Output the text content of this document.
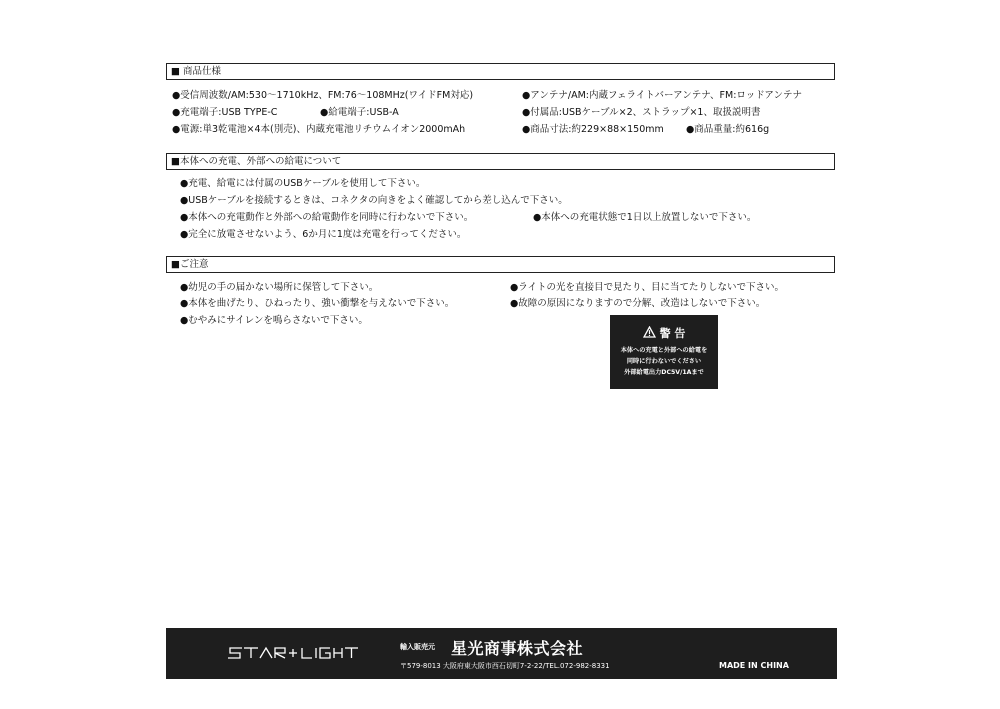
■ 商品仕様
●受信周波数/AM:530～1710kHz、FM:76～108MHz(ワイドFM対応)
●充電端子:USB TYPE-C	●給電端子:USB-A
●電源:単3乾電池×4本(別売)、内蔵充電池リチウムイオン2000mAh
●アンテナ/AM:内蔵フェライトバーアンテナ、FM:ロッドアンテナ
●付属品:USBケーブル×2、ストラップ×1、取扱説明書
●商品寸法:約229×88×150mm ●商品重量:約616g
■本体への充電、外部への給電について
●充電、給電には付属のUSBケーブルを使用して下さい。
●USBケーブルを接続するときは、コネクタの向きをよく確認してから差し込んで下さい。
●本体への充電動作と外部への給電動作を同時に行わないで下さい。	●本体への充電状態で1日以上放置しないで下さい。
●完全に放電させないよう、6か月に1度は充電を行ってください。
■ご注意
●幼児の手の届かない場所に保管して下さい。
●本体を曲げたり、ひねったり、強い衝撃を与えないで下さい。
●むやみにサイレンを鳴らさないで下さい。
●ライトの光を直接目で見たり、目に当てたりしないで下さい。
●故障の原因になりますので分解、改造はしないで下さい。
警 告
本体への充電と外部への給電を
同時に行わないでください
外部給電出力DC5V/1Aまで
輸入販売元 星光商事株式会社
〒579-8013 大阪府東大阪市西石切町7-2-22/TEL.072-982-8331	MADE IN CHINA
